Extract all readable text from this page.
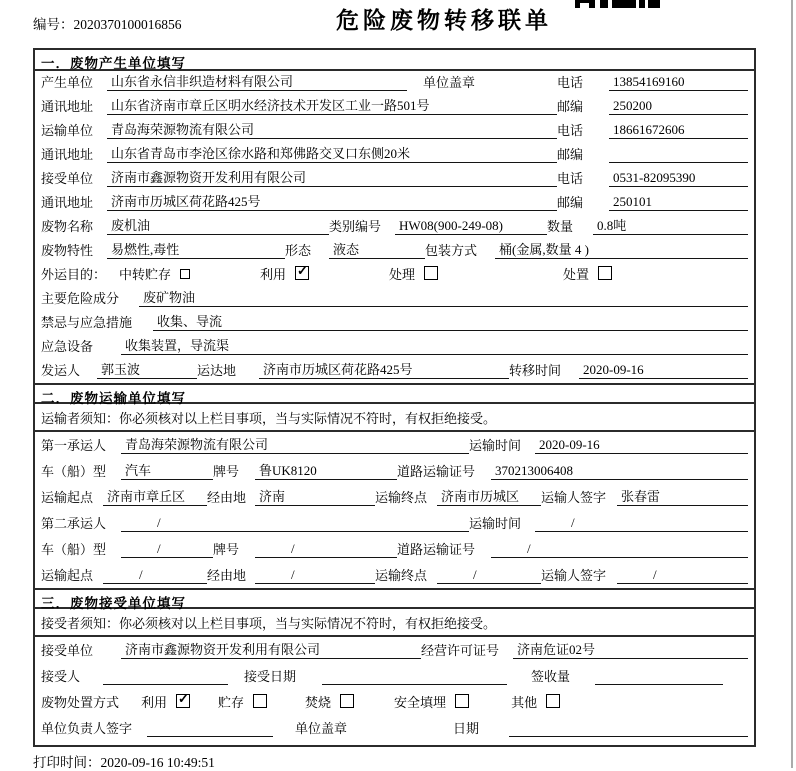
编号：2020370100016856	危险废物转移联单
一．废物产生单位填写
产生单位	山东省永信非织造材料有限公司	单位盖章	电话	13854169160
通讯地址	山东省济南市章丘区明水经济技术开发区工业一路501号	邮编	250200
运输单位	青岛海荣源物流有限公司	电话	18661672606
通讯地址	山东省青岛市李沧区徐水路和郑佛路交叉口东侧20米	邮编
接受单位	济南市鑫源物资开发利用有限公司	电话	0531-82095390
通讯地址	济南市历城区荷花路425号	邮编	250101
废物名称	废机油	类别编号	HW08(900-249-08)	数量	0.8吨
废物特性	易燃性,毒性	形态	液态	包装方式	桶(金属,数量 4 )
外运目的： 中转贮存	利用 ✓	处理	处置
主要危险成分	废矿物油
禁忌与应急措施	收集、导流
应急设备	收集装置，导流渠
发运人	郭玉波	运达地	济南市历城区荷花路425号	转移时间	2020-09-16
二．废物运输单位填写
运输者须知：你必须核对以上栏目事项，当与实际情况不符时，有权拒绝接受。
第一承运人	青岛海荣源物流有限公司	运输时间	2020-09-16
车（船）型	汽车	牌号	鲁UK8120	道路运输证号	370213006408
运输起点	济南市章丘区	经由地 济南	运输终点	济南市历城区	运输人签字	张春雷
第二承运人	/	运输时间	/
车（船）型	/	牌号	/	道路运输证号	/
运输起点	/	经由地	/	运输终点	/	运输人签字	/
三．废物接受单位填写
接受者须知：你必须核对以上栏目事项，当与实际情况不符时，有权拒绝接受。
接受单位	济南市鑫源物资开发利用有限公司	经营许可证号	济南危证02号
接受人	接受日期	签收量
废物处置方式	利用 ✓	贮存	焚烧	安全填埋	其他
单位负责人签字	单位盖章	日期
打印时间：2020-09-16 10:49:51
